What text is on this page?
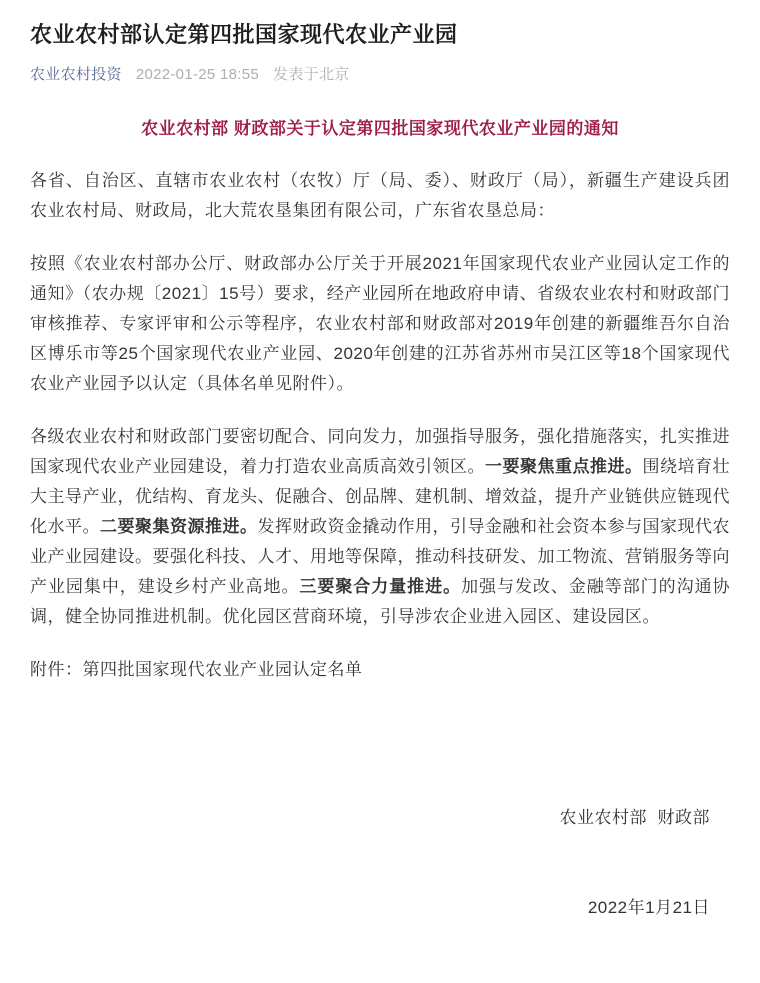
农业农村部认定第四批国家现代农业产业园
农业农村投资 2022-01-25 18:55 发表于北京
农业农村部 财政部关于认定第四批国家现代农业产业园的通知

各省、自治区、直辖市农业农村（农牧）厅（局、委）、财政厅（局），新疆生产建设兵团农业农村局、财政局，北大荒农垦集团有限公司，广东省农垦总局：

按照《农业农村部办公厅、财政部办公厅关于开展2021年国家现代农业产业园认定工作的通知》（农办规〔2021〕15号）要求，经产业园所在地政府申请、省级农业农村和财政部门审核推荐、专家评审和公示等程序，农业农村部和财政部对2019年创建的新疆维吾尔自治区博乐市等25个国家现代农业产业园、2020年创建的江苏省苏州市吴江区等18个国家现代农业产业园予以认定（具体名单见附件）。

各级农业农村和财政部门要密切配合、同向发力，加强指导服务，强化措施落实，扎实推进国家现代农业产业园建设，着力打造农业高质高效引领区。一要聚焦重点推进。围绕培育壮大主导产业，优结构、育龙头、促融合、创品牌、建机制、增效益，提升产业链供应链现代化水平。二要聚集资源推进。发挥财政资金撬动作用，引导金融和社会资本参与国家现代农业产业园建设。要强化科技、人才、用地等保障，推动科技研发、加工物流、营销服务等向产业园集中，建设乡村产业高地。三要聚合力量推进。加强与发改、金融等部门的沟通协调，健全协同推进机制。优化园区营商环境，引导涉农企业进入园区、建设园区。

附件：第四批国家现代农业产业园认定名单

农业农村部  财政部

2022年1月21日
